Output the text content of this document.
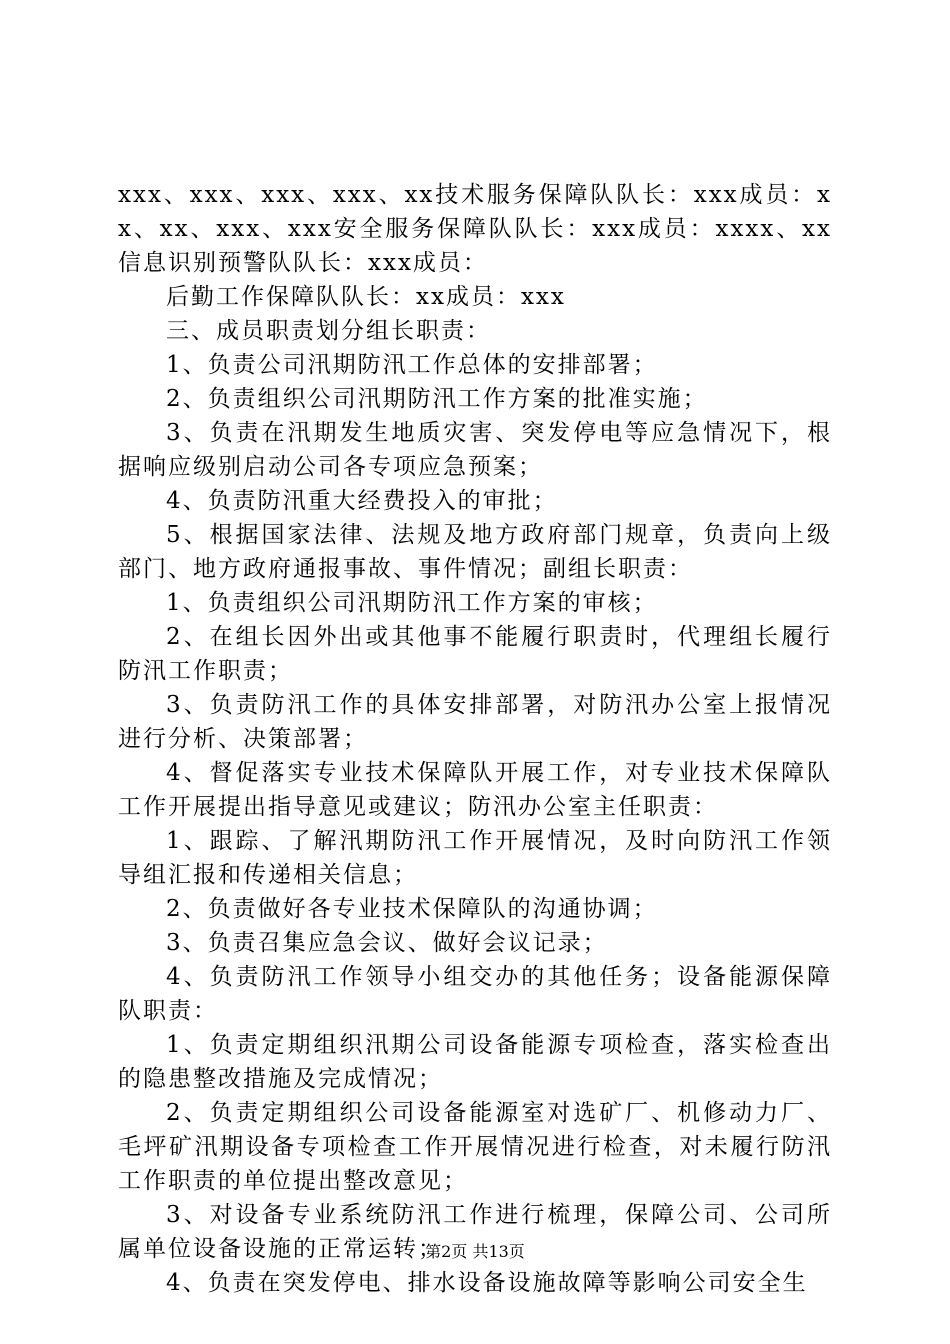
xxx、xxx、xxx、xxx、xx技术服务保障队队长：xxx成员：xx、xx、xxx、xxx安全服务保障队队长：xxx成员：xxxx、xx信息识别预警队队长：xxx成员：

后勤工作保障队队长：xx成员：xxx

三、成员职责划分组长职责：

1、负责公司汛期防汛工作总体的安排部署；

2、负责组织公司汛期防汛工作方案的批准实施；

3、负责在汛期发生地质灾害、突发停电等应急情况下，根据响应级别启动公司各专项应急预案；

4、负责防汛重大经费投入的审批；

5、根据国家法律、法规及地方政府部门规章，负责向上级部门、地方政府通报事故、事件情况；副组长职责：

1、负责组织公司汛期防汛工作方案的审核；

2、在组长因外出或其他事不能履行职责时，代理组长履行防汛工作职责；

3、负责防汛工作的具体安排部署，对防汛办公室上报情况进行分析、决策部署；

4、督促落实专业技术保障队开展工作，对专业技术保障队工作开展提出指导意见或建议；防汛办公室主任职责：

1、跟踪、了解汛期防汛工作开展情况，及时向防汛工作领导组汇报和传递相关信息；

2、负责做好各专业技术保障队的沟通协调；

3、负责召集应急会议、做好会议记录；

4、负责防汛工作领导小组交办的其他任务；设备能源保障队职责：

1、负责定期组织汛期公司设备能源专项检查，落实检查出的隐患整改措施及完成情况；

2、负责定期组织公司设备能源室对选矿厂、机修动力厂、毛坪矿汛期设备专项检查工作开展情况进行检查，对未履行防汛工作职责的单位提出整改意见；

3、对设备专业系统防汛工作进行梳理，保障公司、公司所属单位设备设施的正常运转；

4、负责在突发停电、排水设备设施故障等影响公司安全生

第2页 共13页
